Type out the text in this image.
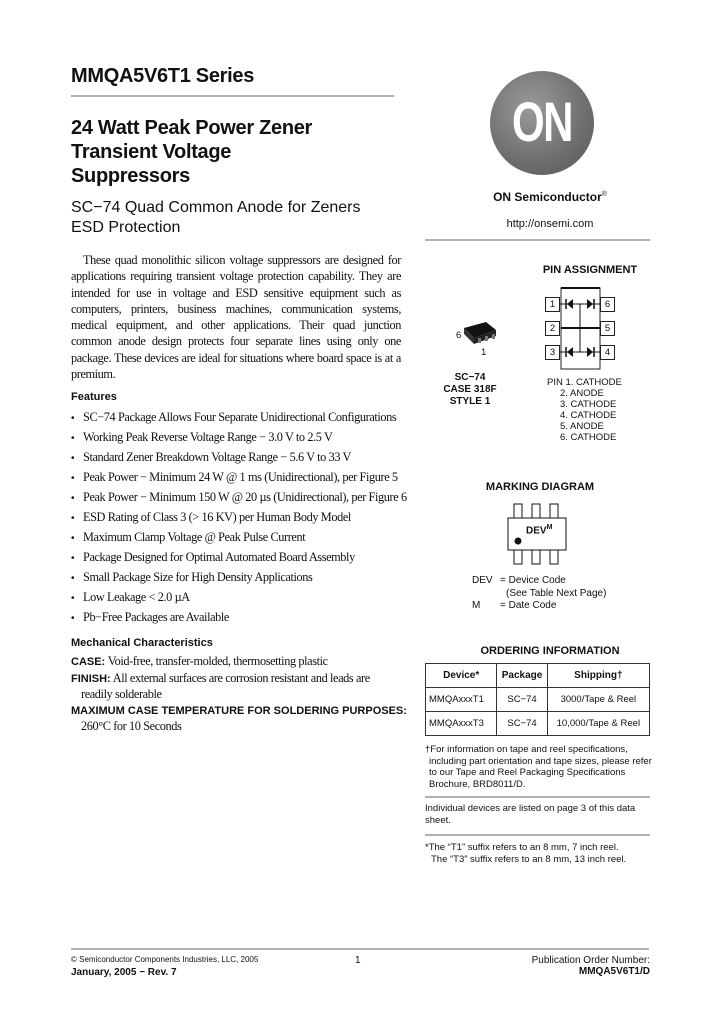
MMQA5V6T1 Series
24 Watt Peak Power Zener
Transient Voltage
Suppressors
SC−74 Quad Common Anode for Zeners
ESD Protection

These quad monolithic silicon voltage suppressors are designed for applications requiring transient voltage protection capability. They are intended for use in voltage and ESD sensitive equipment such as computers, printers, business machines, communication systems, medical equipment, and other applications. Their quad junction common anode design protects four separate lines using only one package. These devices are ideal for situations where board space is at a premium.

Features
• SC−74 Package Allows Four Separate Unidirectional Configurations
• Working Peak Reverse Voltage Range − 3.0 V to 2.5 V
• Standard Zener Breakdown Voltage Range − 5.6 V to 33 V
• Peak Power − Minimum 24 W @ 1 ms (Unidirectional), per Figure 5
• Peak Power − Minimum 150 W @ 20 µs (Unidirectional), per Figure 6
• ESD Rating of Class 3 (> 16 KV) per Human Body Model
• Maximum Clamp Voltage @ Peak Pulse Current
• Package Designed for Optimal Automated Board Assembly
• Small Package Size for High Density Applications
• Low Leakage < 2.0 µA
• Pb−Free Packages are Available
Mechanical Characteristics
CASE: Void-free, transfer-molded, thermosetting plastic
FINISH: All external surfaces are corrosion resistant and leads are
readily solderable
MAXIMUM CASE TEMPERATURE FOR SOLDERING PURPOSES:
260°C for 10 Seconds
ON
ON Semiconductor®
http://onsemi.com
PIN ASSIGNMENT
6
1
SC−74
CASE 318F
STYLE 1
1
2
3	4
5
6
PIN 1. CATHODE
2. ANODE
3. CATHODE
4. CATHODE
5. ANODE
6. CATHODE
MARKING DIAGRAM
$DEV^M$
DEV = Device Code
(See Table Next Page)
M = Date Code
ORDERING INFORMATION
Device*	Package	Shipping†
MMQAxxxT1	SC−74	3000/Tape & Reel
MMQAxxxT3	SC−74	10,000/Tape & Reel
†For information on tape and reel specifications, including part orientation and tape sizes, please refer to our Tape and Reel Packaging Specifications Brochure, BRD8011/D.
Individual devices are listed on page 3 of this data sheet.
*The “T1” suffix refers to an 8 mm, 7 inch reel.
The “T3” suffix refers to an 8 mm, 13 inch reel.
© Semiconductor Components Industries, LLC, 2005
January, 2005 − Rev. 7
1	Publication Order Number:
MMQA5V6T1/D
